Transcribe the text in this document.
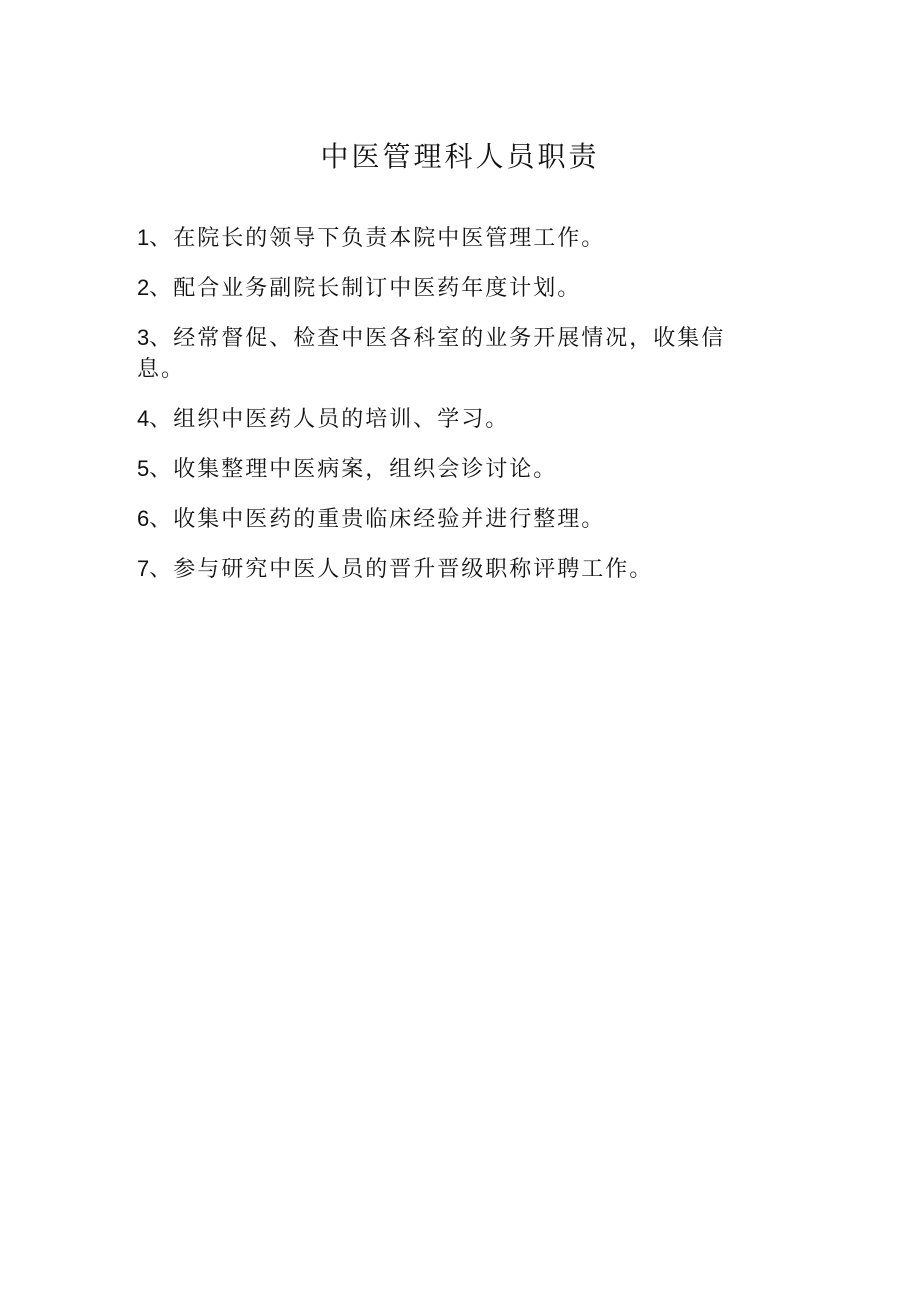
中医管理科人员职责
1、在院长的领导下负责本院中医管理工作。
2、配合业务副院长制订中医药年度计划。
3、经常督促、检查中医各科室的业务开展情况，收集信息。
4、组织中医药人员的培训、学习。
5、收集整理中医病案，组织会诊讨论。
6、收集中医药的重贵临床经验并进行整理。
7、参与研究中医人员的晋升晋级职称评聘工作。
